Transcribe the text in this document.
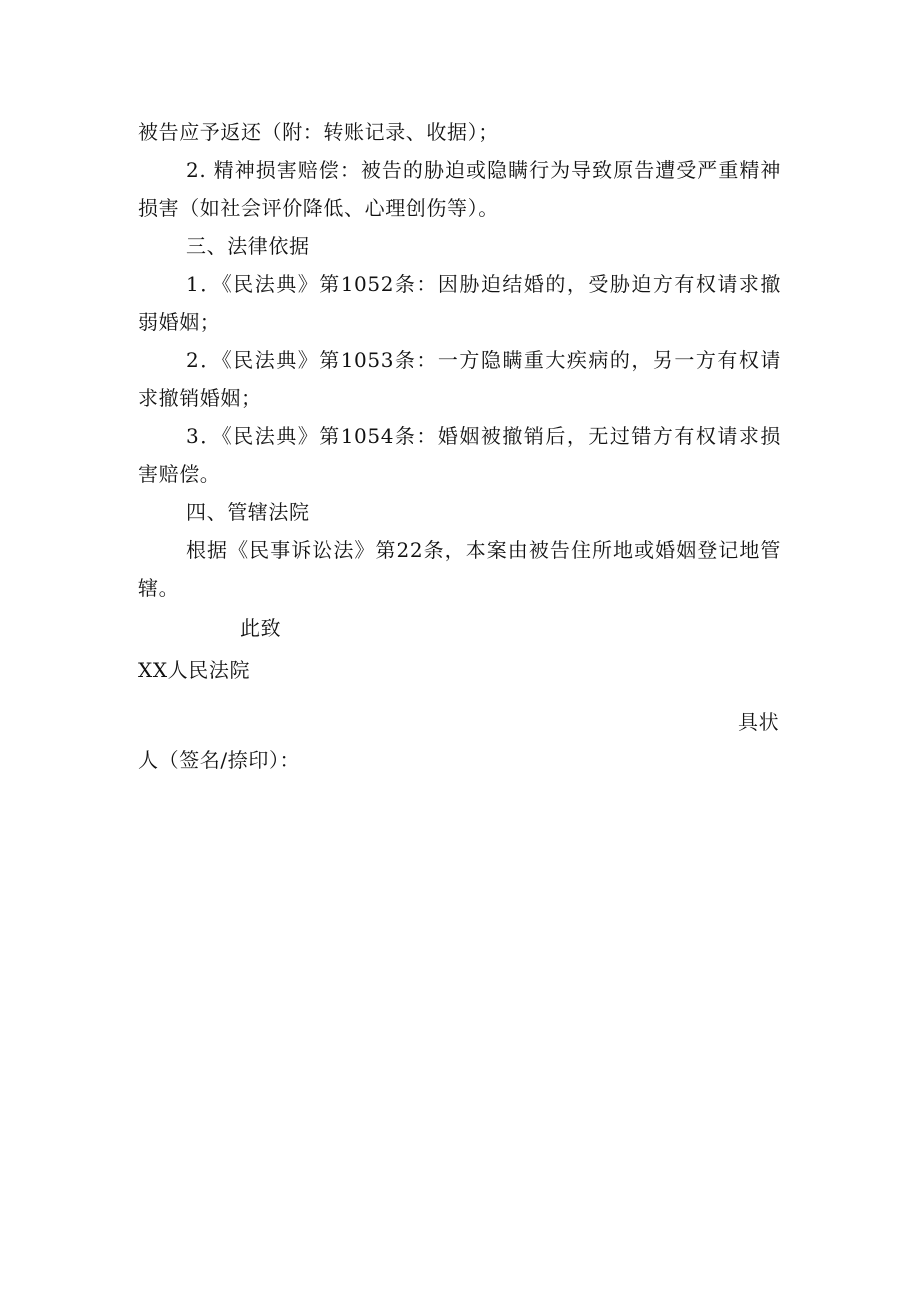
被告应予返还（附：转账记录、收据）；
2. 精神损害赔偿：被告的胁迫或隐瞒行为导致原告遭受严重精神
损害（如社会评价降低、心理创伤等）。
三、法律依据
1．《民法典》第1052条：因胁迫结婚的，受胁迫方有权请求撤
弱婚姻；
2．《民法典》第1053条：一方隐瞒重大疾病的，另一方有权请
求撤销婚姻；
3．《民法典》第1054条：婚姻被撤销后，无过错方有权请求损
害赔偿。
四、管辖法院
根据《民事诉讼法》第22条，本案由被告住所地或婚姻登记地管
辖。
此致
XX人民法院
具状
人（签名/捺印）：
